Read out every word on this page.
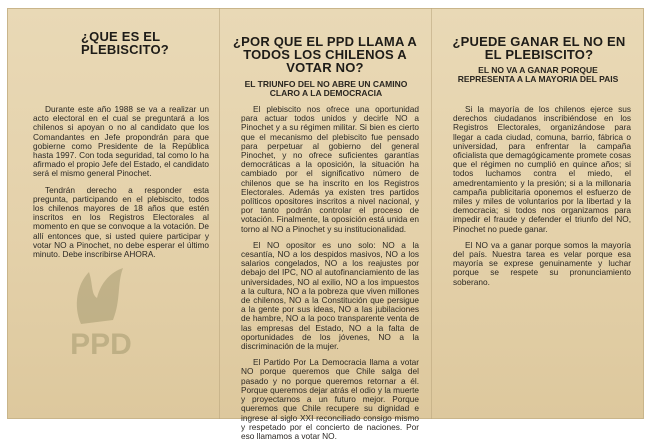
¿QUE ES EL PLEBISCITO?

Durante este año 1988 se va a realizar un acto electoral en el cual se preguntará a los chilenos si apoyan o no al candidato que los Comandantes en Jefe propondrán para que gobierne como Presidente de la República hasta 1997. Con toda seguridad, tal como lo ha afirmado el propio Jefe del Estado, el candidato será el mismo general Pinochet.

Tendrán derecho a responder esta pregunta, participando en el plebiscito, todos los chilenos mayores de 18 años que estén inscritos en los Registros Electorales al momento en que se convoque a la votación. De allí entonces que, si usted quiere participar y votar NO a Pinochet, no debe esperar el último minuto. Debe inscribirse AHORA.

PPD
¿POR QUE EL PPD LLAMA A TODOS LOS CHILENOS A VOTAR NO?
EL TRIUNFO DEL NO ABRE UN CAMINO CLARO A LA DEMOCRACIA

El plebiscito nos ofrece una oportunidad para actuar todos unidos y decirle NO a Pinochet y a su régimen militar. Si bien es cierto que el mecanismo del plebiscito fue pensado para perpetuar al gobierno del general Pinochet, y no ofrece suficientes garantías democráticas a la oposición, la situación ha cambiado por el significativo número de chilenos que se ha inscrito en los Registros Electorales. Además ya existen tres partidos políticos opositores inscritos a nivel nacional, y por tanto podrán controlar el proceso de votación. Finalmente, la oposición está unida en torno al NO a Pinochet y su institucionalidad.

El NO opositor es uno solo: NO a la cesantía, NO a los despidos masivos, NO a los salarios congelados, NO a los reajustes por debajo del IPC, NO al autofinanciamiento de las universidades, NO al exilio, NO a los impuestos a la cultura, NO a la pobreza que viven millones de chilenos, NO a la Constitución que persigue a la gente por sus ideas, NO a las jubilaciones de hambre, NO a la poco transparente venta de las empresas del Estado, NO a la falta de oportunidades de los jóvenes, NO a la discriminación de la mujer.

El Partido Por La Democracia llama a votar NO porque queremos que Chile salga del pasado y no porque queremos retornar a él. Porque queremos dejar atrás el odio y la muerte y proyectarnos a un futuro mejor. Porque queremos que Chile recupere su dignidad e ingrese al siglo XXI reconciliado consigo mismo y respetado por el concierto de naciones. Por eso llamamos a votar NO.

¿PUEDE GANAR EL NO EN EL PLEBISCITO?
EL NO VA A GANAR PORQUE REPRESENTA A LA MAYORIA DEL PAIS

Si la mayoría de los chilenos ejerce sus derechos ciudadanos inscribiéndose en los Registros Electorales, organizándose para llegar a cada ciudad, comuna, barrio, fábrica o universidad, para enfrentar la campaña oficialista que demagógicamente promete cosas que el régimen no cumplió en quince años; si todos luchamos contra el miedo, el amedrentamiento y la presión; si a la millonaria campaña publicitaria oponemos el esfuerzo de miles y miles de voluntarios por la libertad y la democracia; si todos nos organizamos para impedir el fraude y defender el triunfo del NO, Pinochet no puede ganar.

El NO va a ganar porque somos la mayoría del país. Nuestra tarea es velar porque esa mayoría se exprese genuinamente y luchar porque se respete su pronunciamiento soberano.
